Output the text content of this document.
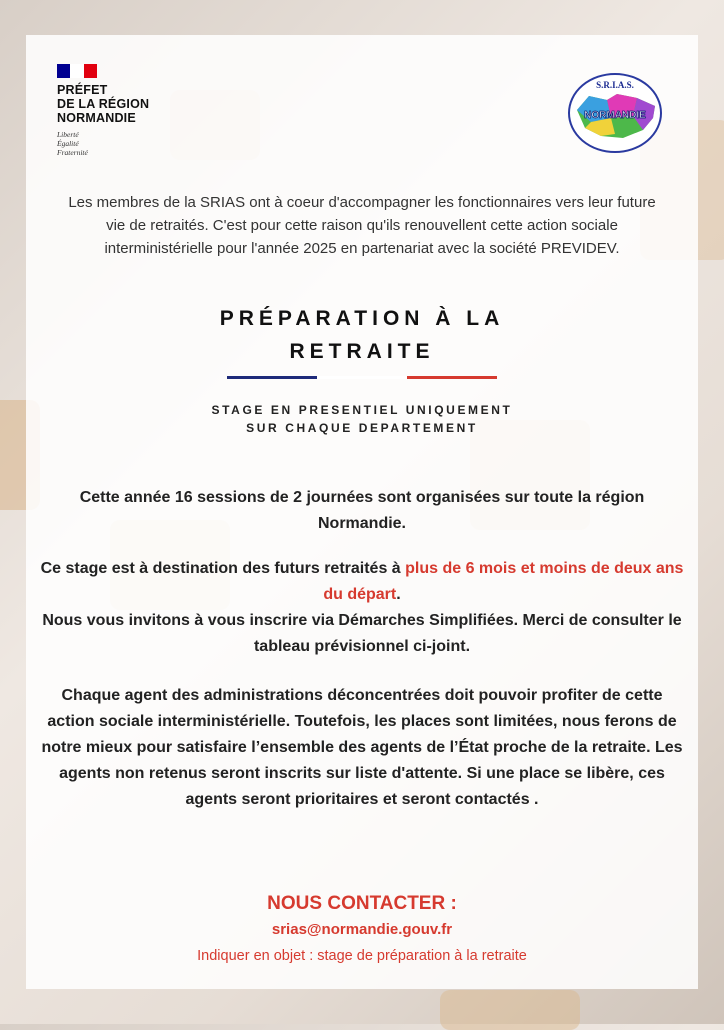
PRÉFET
DE LA RÉGION
NORMANDIE
Liberté
Égalité
Fraternité
S.R.I.A.S.
NORMANDIE
Les membres de la SRIAS ont à coeur d'accompagner les fonctionnaires vers leur future vie de retraités. C'est pour cette raison qu'ils renouvellent cette action sociale interministérielle pour l'année 2025 en partenariat avec la société PREVIDEV.
PRÉPARATION À LA
RETRAITE
STAGE EN PRESENTIEL UNIQUEMENT
SUR CHAQUE DEPARTEMENT
Cette année 16 sessions de 2 journées sont organisées sur toute la région Normandie.
Ce stage est à destination des futurs retraités à plus de 6 mois et moins de deux ans du départ.
Nous vous invitons à vous inscrire via Démarches Simplifiées. Merci de consulter le tableau prévisionnel ci-joint.
Chaque agent des administrations déconcentrées doit pouvoir profiter de cette action sociale interministérielle. Toutefois, les places sont limitées, nous ferons de notre mieux pour satisfaire l’ensemble des agents de l’État proche de la retraite. Les agents non retenus seront inscrits sur liste d'attente. Si une place se libère, ces agents seront prioritaires et seront contactés .
NOUS CONTACTER :
srias@normandie.gouv.fr
Indiquer en objet : stage de préparation à la retraite
